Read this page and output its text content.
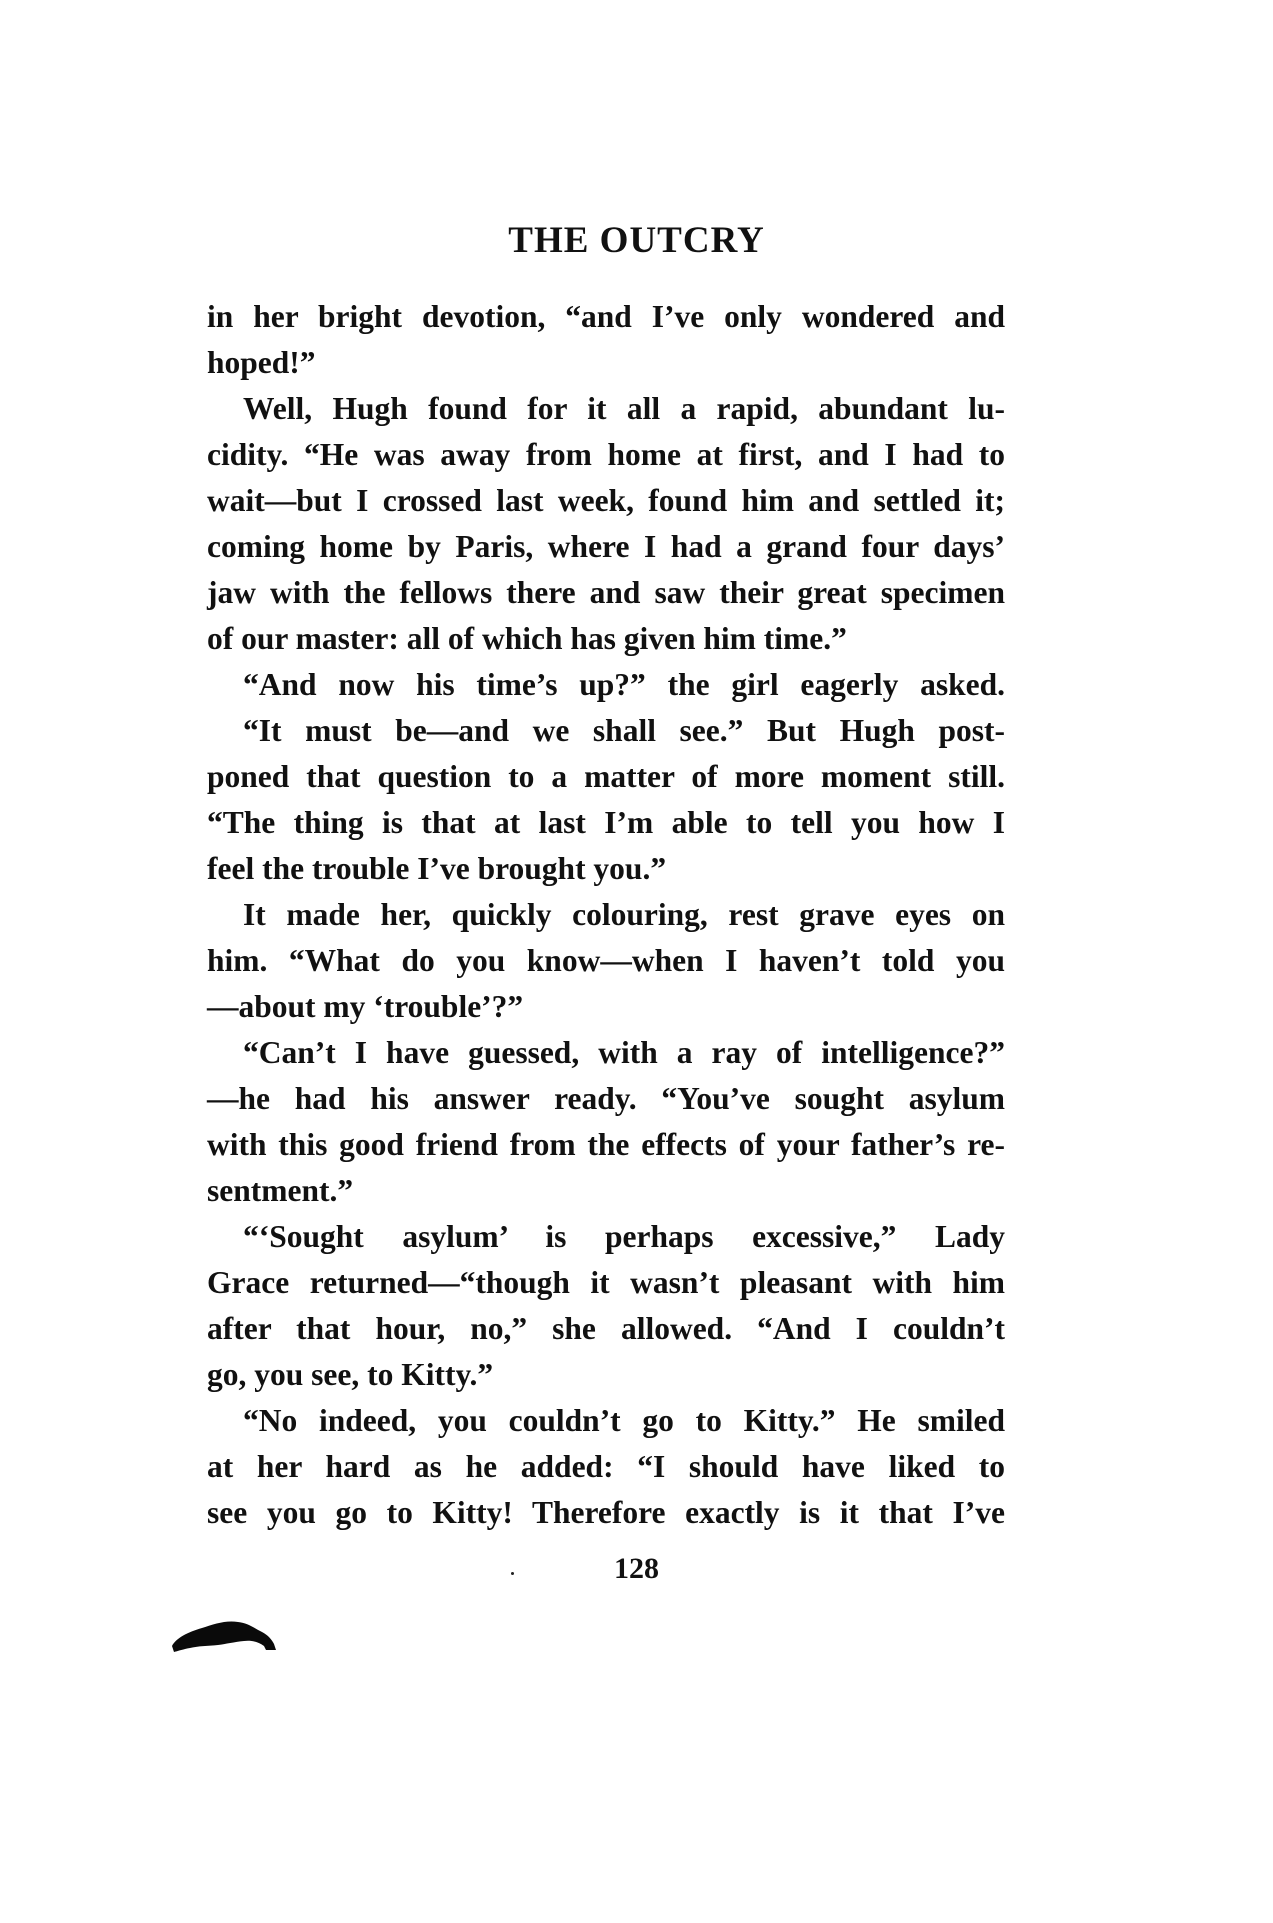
THE OUTCRY
in her bright devotion, “and I’ve only wondered and
hoped!”
Well, Hugh found for it all a rapid, abundant lu-
cidity. “He was away from home at first, and I had to
wait—but I crossed last week, found him and settled it;
coming home by Paris, where I had a grand four days’
jaw with the fellows there and saw their great specimen
of our master: all of which has given him time.”
“And now his time’s up?” the girl eagerly asked.
“It must be—and we shall see.” But Hugh post-
poned that question to a matter of more moment still.
“The thing is that at last I’m able to tell you how I
feel the trouble I’ve brought you.”
It made her, quickly colouring, rest grave eyes on
him. “What do you know—when I haven’t told you
—about my ‘trouble’?”
“Can’t I have guessed, with a ray of intelligence?”
—he had his answer ready. “You’ve sought asylum
with this good friend from the effects of your father’s re-
sentment.”
“‘Sought asylum’ is perhaps excessive,” Lady
Grace returned—“though it wasn’t pleasant with him
after that hour, no,” she allowed. “And I couldn’t
go, you see, to Kitty.”
“No indeed, you couldn’t go to Kitty.” He smiled
at her hard as he added: “I should have liked to
see you go to Kitty! Therefore exactly is it that I’ve
128
